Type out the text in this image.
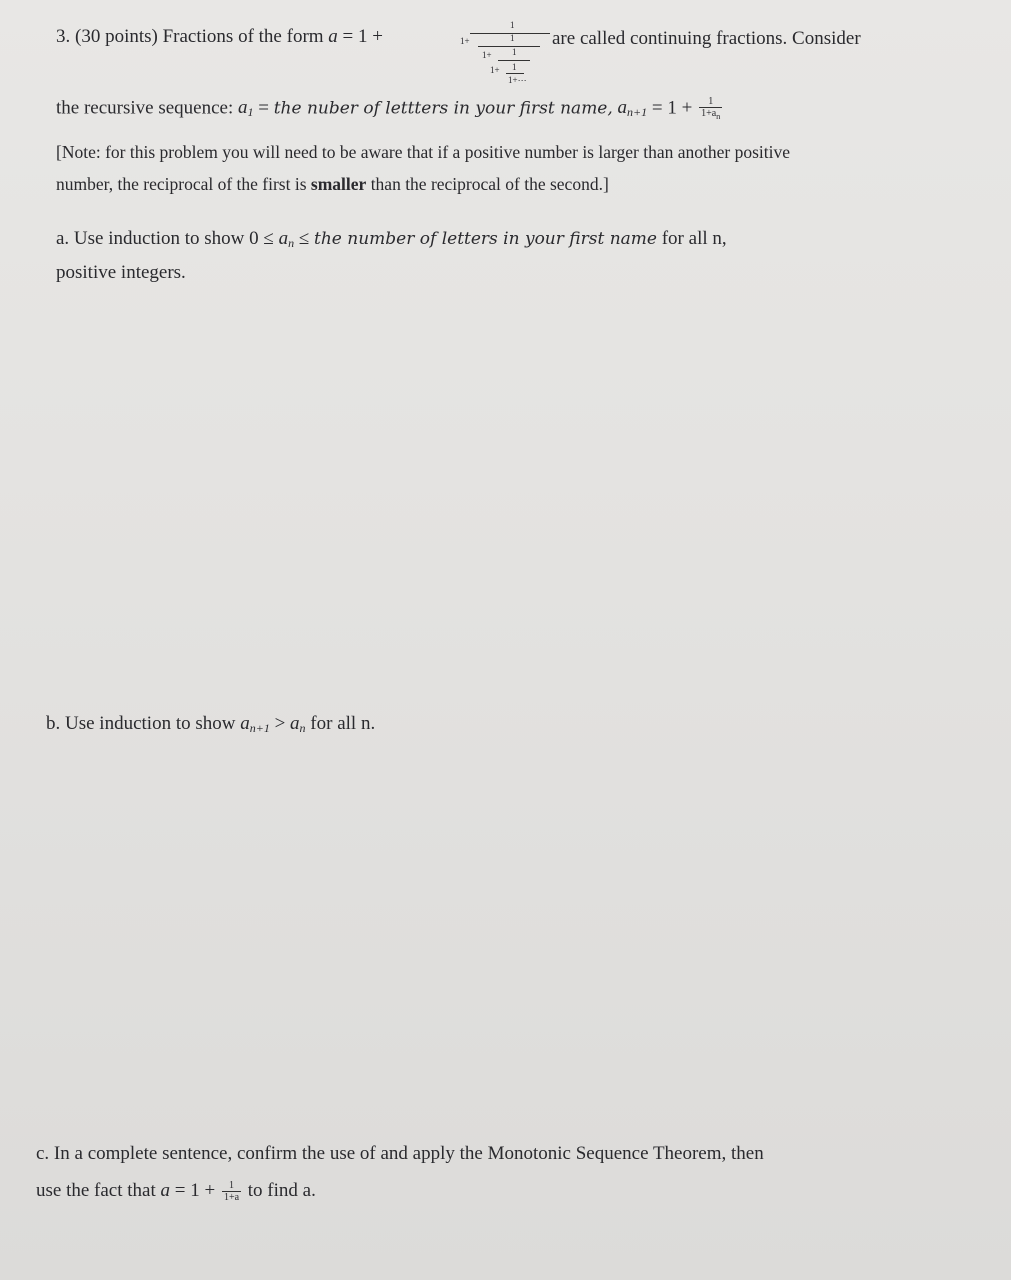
3. (30 points) Fractions of the form a = 1 +
1
1+	1
1+ 1
1+ 1
1+⋯
are called continuing fractions. Consider
the recursive sequence: $a_1$ = the nuber of lettters in your first name, $a_{n+1} = 1 + \frac{1}{1+a_n}$
[Note: for this problem you will need to be aware that if a positive number is larger than another positive
number, the reciprocal of the first is smaller than the reciprocal of the second.]
a. Use induction to show $0 \le a_n$ ≤ the number of letters in your first name for all n,
positive integers.
b. Use induction to show $a_{n+1} > a_n$ for all n.
c. In a complete sentence, confirm the use of and apply the Monotonic Sequence Theorem, then
use the fact that $a = 1 + \frac{1}{1+a}$ to find a.
